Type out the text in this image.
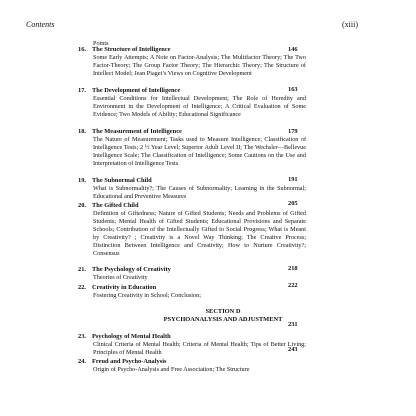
Contents	(xiii)
Points
16. The Structure of Intelligence
Some Early Attempts; A Note on Factor-Analysis; The Multifactor Theory; The Two Factor-Theory; The Group Factor Theory; The Hierarchic Theory; The Structure of Intellect Model; Jean Piaget’s Views on Cognitive Development
146
17. The Development of Intelligence
Essential Conditions for Intellectual Development; The Role of Heredity and Environment in the Development of Intelligence; A Critical Evaluation of Some Evidence; Two Models of Ability; Educational Significance
163
18. The Measurement of Intelligence
The Nature of Measurement; Tasks used to Measure Intelligence; Classification of Intelligence Tests; 2 ½ Year Level; Superior Adult Level II; The Wechsler—Bellevue Intelligence Scale; The Classification of Intelligence; Some Cautions on the Use and Interpretation of Intelligence Tests
179
19. The Subnormal Child
What is Subnormality?; The Causes of Subnormality; Learning in the Subnormal; Educational and Preventive Measures
191
20. The Gifted Child
Definition of Giftedness; Nature of Gifted Students; Needs and Problems of Gifted Students; Mental Health of Gifted Students; Educational Provisions and Separate Schools; Contribution of the Intellectually Gifted to Social Progress; What is Meant by Creativity? ; Creativity is a Novel Way Thinking; The Creative Process; Distinction Between Intelligence and Creativity; How to Nurture Creativity?; Consensus
205
21. The Psychology of Creativity
Theories of Creativity
218
22. Creativity in Education
Fostering Creativity in School; Conclusion;
222
SECTION D
PSYCHOANALYSIS AND ADJUSTMENT
23. Psychology of Mental Health
Clinical Criteria of Mental Health; Criteria of Mental Health; Tips of Better Living; Principles of Mental Health
231
24. Freud and Psycho-Analysis
Origin of Psycho-Analysis and Free Association; The Structure
243
